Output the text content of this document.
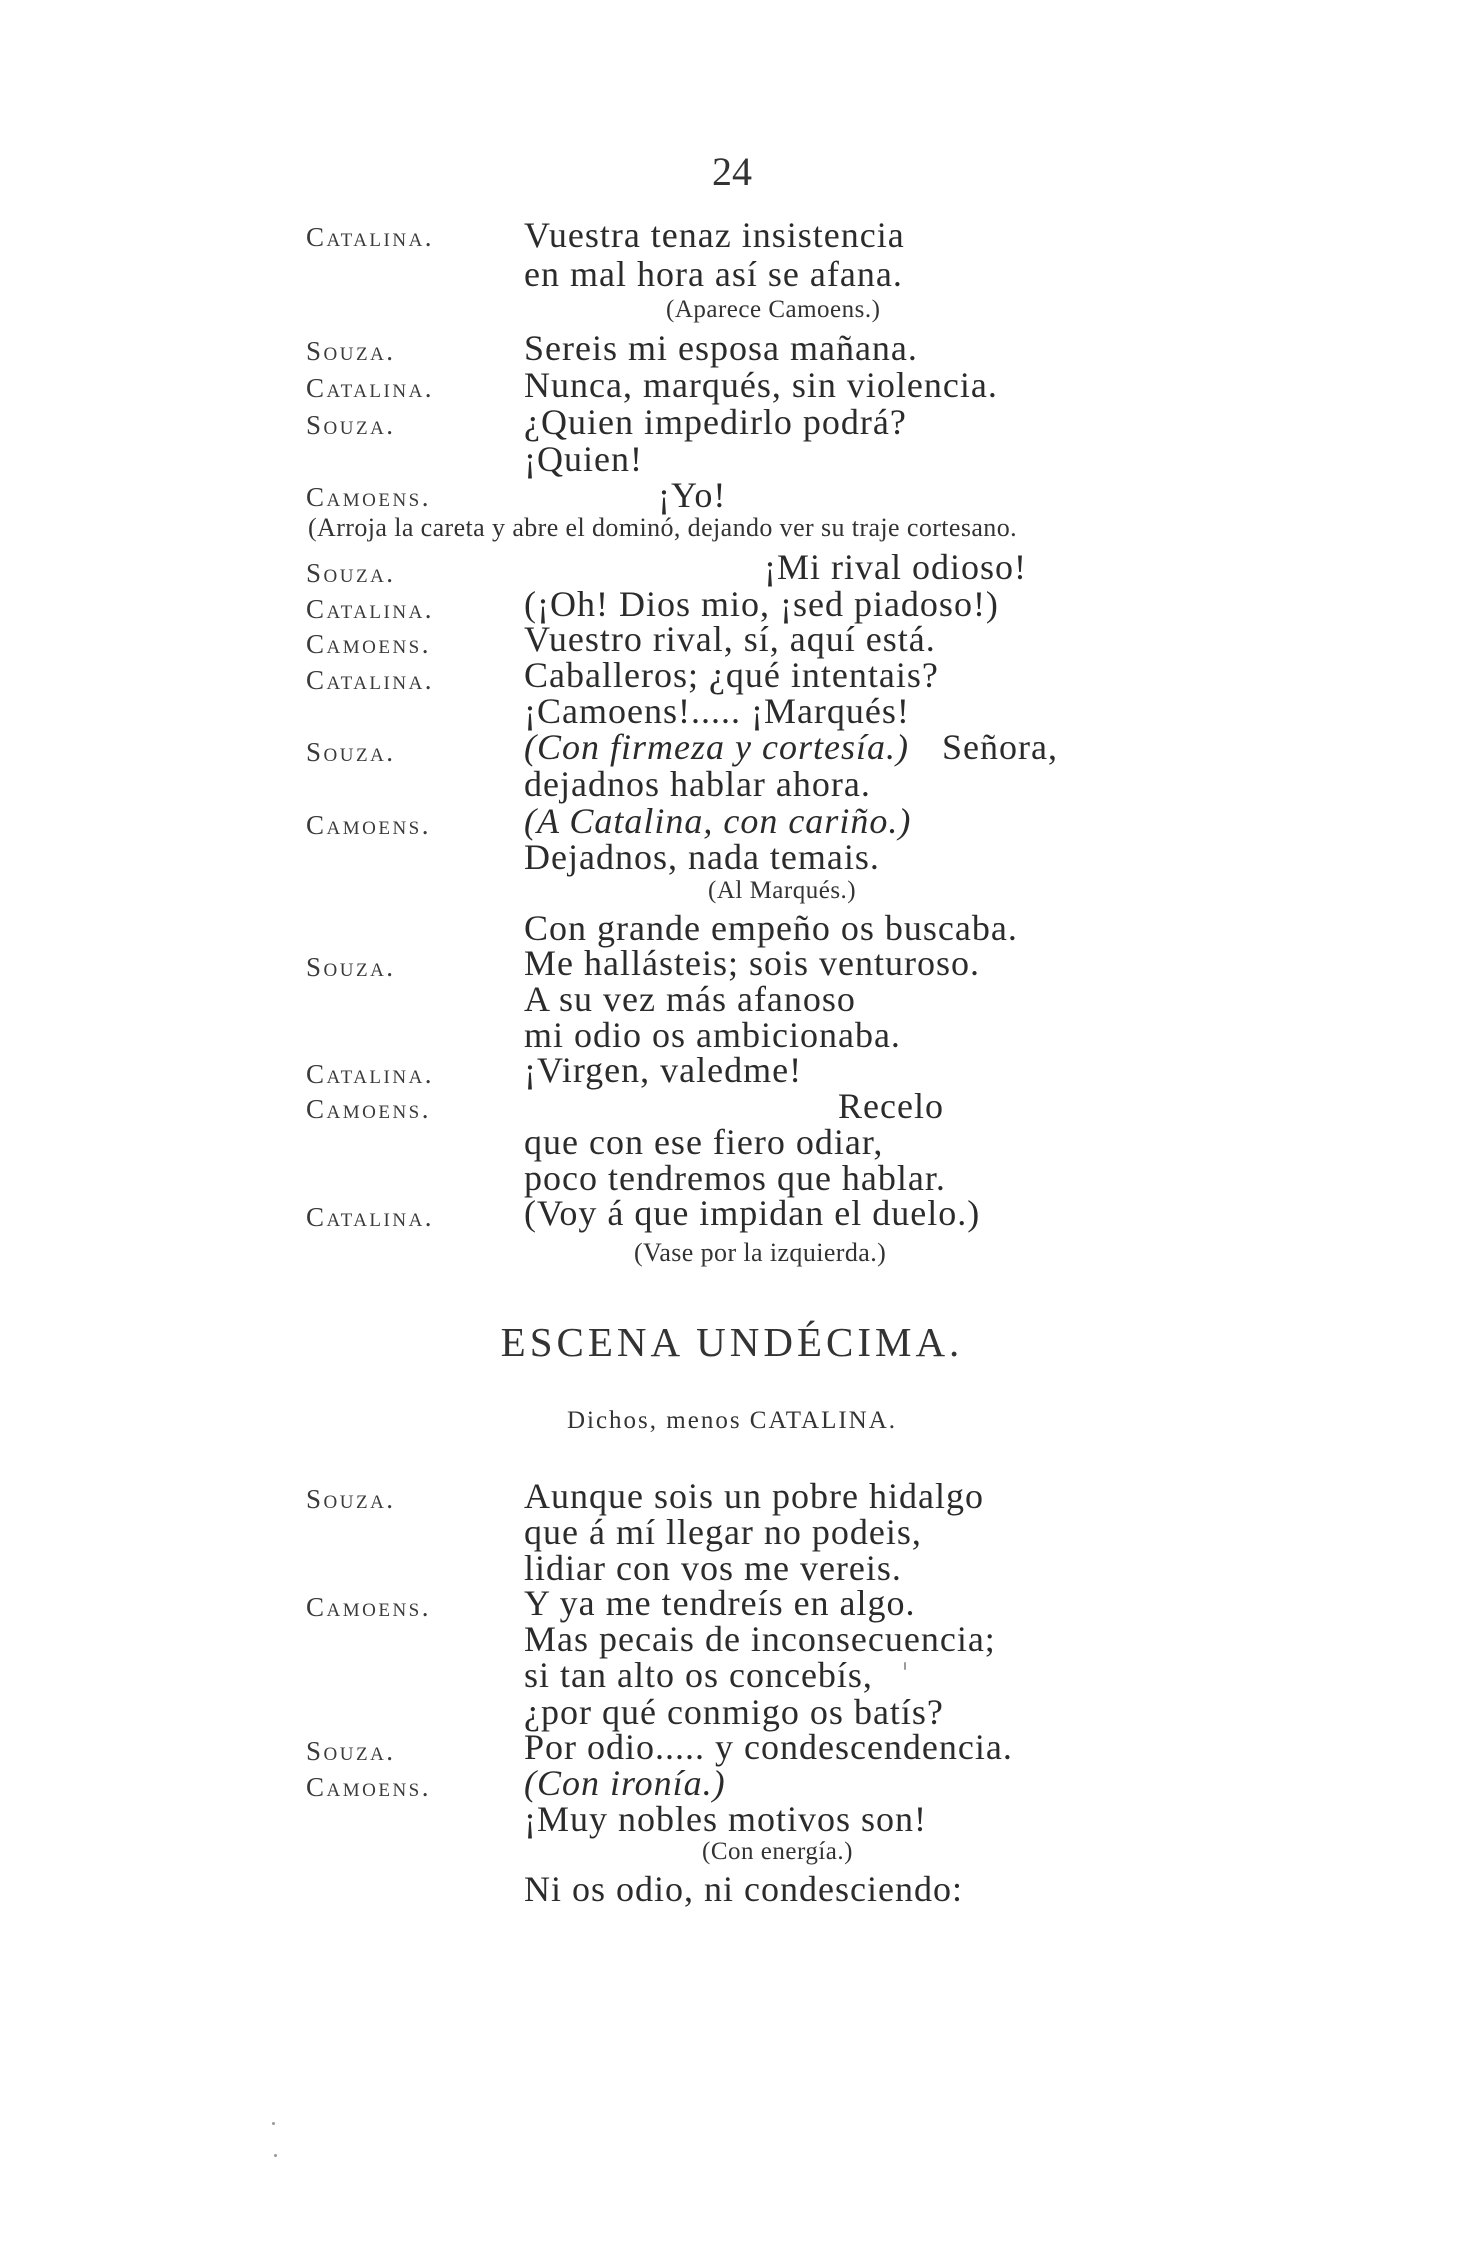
24
Catalina. Vuestra tenaz insistencia
en mal hora así se afana.
(Aparece Camoens.)
Souza.	Sereis mi esposa mañana.
Catalina. Nunca, marqués, sin violencia.
Souza.	¿Quien impedirlo podrá?
¡Quien!
Camoens.	¡Yo!
(Arroja la careta y abre el dominó, dejando ver su traje cortesano.
Souza.	¡Mi rival odioso!
Catalina. (¡Oh! Dios mio, ¡sed piadoso!)
Camoens.	Vuestro rival, sí, aquí está.
Catalina. Caballeros; ¿qué intentais?
¡Camoens!..... ¡Marqués!
Souza.	(Con firmeza y cortesía.) Señora,
dejadnos hablar ahora.
Camoens.	(A Catalina, con cariño.)
Dejadnos, nada temais.
(Al Marqués.)
Con grande empeño os buscaba.
Souza.	Me hallásteis; sois venturoso.
A su vez más afanoso
mi odio os ambicionaba.
Catalina. ¡Virgen, valedme!
Camoens.	Recelo
que con ese fiero odiar,
poco tendremos que hablar.
Catalina. (Voy á que impidan el duelo.)
(Vase por la izquierda.)
ESCENA UNDÉCIMA.
Dichos, menos CATALINA.
Souza.	Aunque sois un pobre hidalgo
que á mí llegar no podeis,
lidiar con vos me vereis.
Camoens.	Y ya me tendreís en algo.
Mas pecais de inconsecuencia;
si tan alto os concebís,
¿por qué conmigo os batís?
Souza.	Por odio..... y condescendencia.
Camoens.	(Con ironía.)
¡Muy nobles motivos son!
(Con energía.)
Ni os odio, ni condesciendo:
